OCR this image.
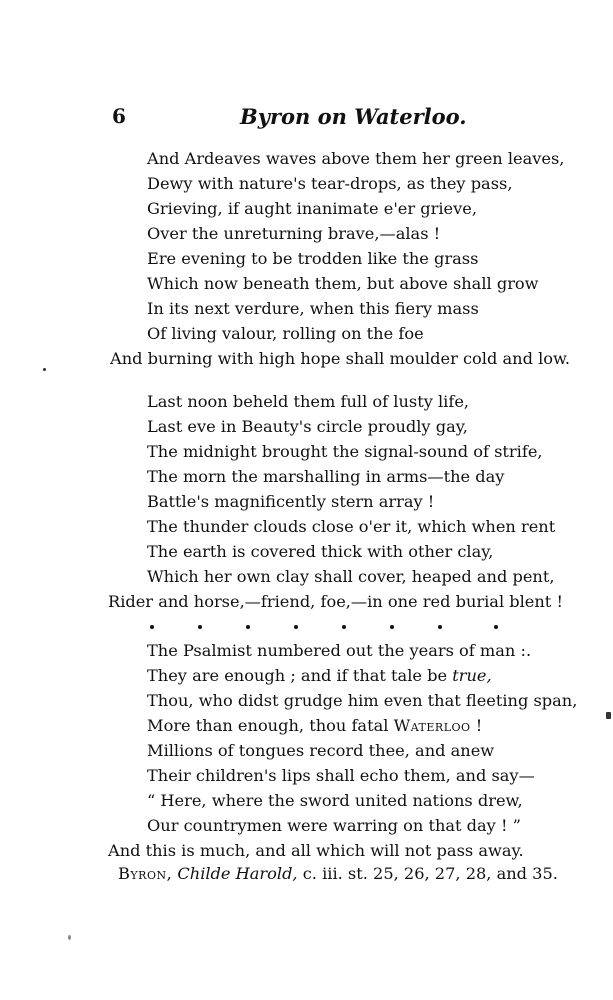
6	Byron on Waterloo.
And Ardeaves waves above them her green leaves,
Dewy with nature's tear-drops, as they pass,
Grieving, if aught inanimate e'er grieve,
Over the unreturning brave,—alas !
Ere evening to be trodden like the grass
Which now beneath them, but above shall grow
In its next verdure, when this fiery mass
Of living valour, rolling on the foe
And burning with high hope shall moulder cold and low.
Last noon beheld them full of lusty life,
Last eve in Beauty's circle proudly gay,
The midnight brought the signal-sound of strife,
The morn the marshalling in arms—the day
Battle's magnificently stern array !
The thunder clouds close o'er it, which when rent
The earth is covered thick with other clay,
Which her own clay shall cover, heaped and pent,
Rider and horse,—friend, foe,—in one red burial blent !
The Psalmist numbered out the years of man :.
They are enough ; and if that tale be true,
Thou, who didst grudge him even that fleeting span,
More than enough, thou fatal Waterloo !
Millions of tongues record thee, and anew
Their children's lips shall echo them, and say—
“ Here, where the sword united nations drew,
Our countrymen were warring on that day ! ”
And this is much, and all which will not pass away.
Byron, Childe Harold, c. iii. st. 25, 26, 27, 28, and 35.
